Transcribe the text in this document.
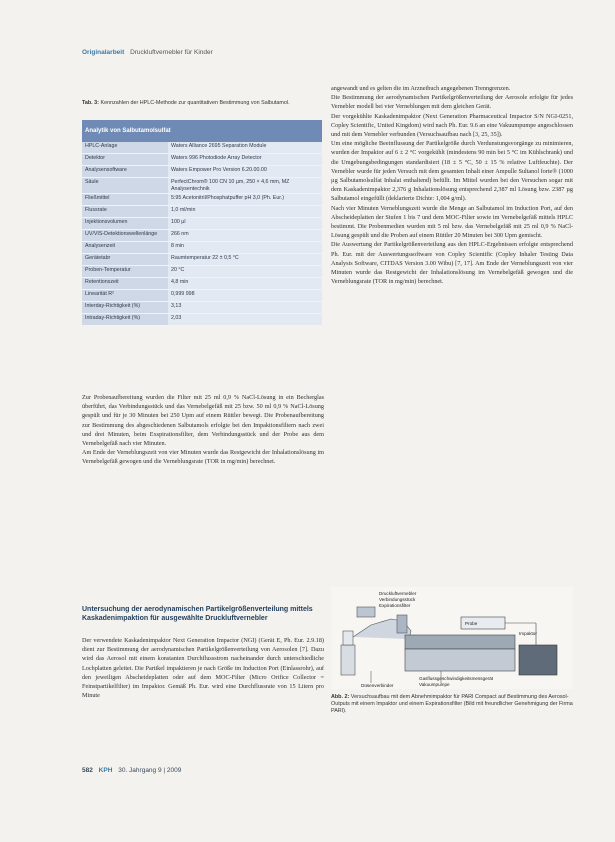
Originalarbeit Druckluftvernebler für Kinder
Tab. 3: Kennzahlen der HPLC-Methode zur quantitativen Bestimmung von Salbutamol.
Analytik von Salbutamolsulfat	
HPLC-Anlage	Waters Alliance 2695 Separation Module
Detektor	Waters 996 Photodiode Array Detector
Analysensoftware	Waters Empower Pro Version 6.20.00.00
Säule	PerfectChrom® 100 CN 10 µm, 250 × 4,6 mm, MZ Analysentechnik
Fließmittel	5:95 Acetonitril/Phosphatpuffer pH 3,0 (Ph. Eur.)
Flussrate	1,0 ml/min
Injektionsvolumen	100 µl
UV/VIS-Detektionswellenlänge	266 nm
Analysenzeit	8 min
Gerätetabr	Raumtemperatur 22 ± 0,5 °C
Proben-Temperatur	20 °C
Retentionszeit	4,8 min
Linearität R²	0,999 998
Interday-Richtigkeit (%)	3,13
Intraday-Richtigkeit (%)	2,03

Zur Probenaufbereitung wurden die Filter mit 25 ml 0,9 % NaCl-Lösung in ein Becherglas überführt, das Verbindungsstück und das Vernebelgefäß mit 25 bzw. 50 ml 0,9 % NaCl-Lösung gespült und für je 30 Minuten bei 250 Upm auf einem Rüttler bewegt. Die Probenaufbereitung zur Bestimmung des abgeschiedenen Salbutamols erfolgte bei den Impaktionsfiltern nach zwei und drei Minuten, beim Exspirationsfilter, dem Verbindungsstück und der Probe aus dem Vernebelgefäß nach vier Minuten.

Am Ende der Verneblungszeit von vier Minuten wurde das Restgewicht der Inhalationslösung im Vernebelgefäß gewogen und die Verneblungsrate (TOR in mg/min) berechnet.

Untersuchung der aerodynamischen Partikelgrößenverteilung mittels Kaskadenimpaktion für ausgewählte Druckluftvernebler

Der verwendete Kaskadenimpaktor Next Generation Impactor (NGI) (Gerät E, Ph. Eur. 2.9.18) dient zur Bestimmung der aerodynamischen Partikelgrößenverteilung von Aerosolen [7]. Dazu wird das Aerosol mit einem konstanten Durchflussstrom nacheinander durch unterschiedliche Lochplatten geleitet. Die Partikel impaktieren je nach Größe im Induction Port (Einlassrohr), auf den jeweiligen Abscheideplatten oder auf dem MOC-Filter (Micro Orifice Collector = Feinstpartikelfilter) im Impaktor. Gemäß Ph. Eur. wird eine Durchflussrate von 15 Litern pro Minute

angewandt und es gelten die im Arzneibuch angegebenen Trenngrenzen.

Die Bestimmung der aerodynamischen Partikelgrößenverteilung der Aerosole erfolgte für jedes Vernebler modell bei vier Verneblungen mit dem gleichen Gerät.

Der vorgekühlte Kaskadenimpaktor (Next Generation Pharmaceutical Impactor S/N NGI-0251, Copley Scientific, United Kingdom) wird nach Ph. Eur. 9.6 an eine Vakuumpumpe angeschlossen und mit dem Vernebler verbunden (Versuchsaufbau nach [3, 25, 35]).

Um eine mögliche Beeinflussung der Partikelgröße durch Verdunstungsvorgänge zu minimieren, wurden der Impaktor auf 6 ± 2 °C vorgekühlt (mindestens 90 min bei 5 °C im Kühlschrank) und die Umgebungsbedingungen standardisiert (18 ± 5 °C, 50 ± 15 % relative Luftfeuchte). Der Vernebler wurde für jeden Versuch mit dem gesamten Inhalt einer Ampulle Sultanol forte® (1000 µg Salbutamolsulfat Inhalat enthaltend) befüllt. Im Mittel wurden bei den Versuchen sogar mit dem Kaskadenimpaktor 2,376 g Inhalationslösung entsprechend 2,387 ml Lösung bzw. 2387 µg Salbutamol eingefüllt (deklarierte Dichte: 1,004 g/ml).

Nach vier Minuten Verneblungszeit wurde die Menge an Salbutamol im Induction Port, auf den Abscheideplatten der Stufen 1 bis 7 und dem MOC-Filter sowie im Vernebelgefäß mittels HPLC bestimmt. Die Probenmedien wurden mit 5 ml bzw. das Vernebelgefäß mit 25 ml 0,9 % NaCl-Lösung gespült und die Proben auf einem Rüttler 20 Minuten bei 300 Upm gemischt.

Die Auswertung der Partikelgrößenverteilung aus den HPLC-Ergebnissen erfolgte entsprechend Ph. Eur. mit der Auswertungssoftware von Copley Scientific (Copley Inhaler Testing Data Analysis Software, CITDAS Version 3.00 Wibu) [7, 17]. Am Ende der Verneblungszeit von vier Minuten wurde das Restgewicht der Inhalationslösung im Vernebelgefäß gewogen und die Verneblungsrate (TOR in mg/min) berechnet.

Druckluftvernebler
Verbindungsstück
Expirationsfilter
Impaktor
Probe
Düsenverbinder
Gasflussgeschwindigkeitsmessgerät
Vakuumpumpe
Abb. 2: Versuchsaufbau mit dem Abnehmimpaktor für PARI Compact auf Bestimmung des Aerosol-Outputs mit einem Impaktor und einem Expirationsfilter (Bild mit freundlicher Genehmigung der Firma PARI).
582 KPH 30. Jahrgang 9 | 2009
